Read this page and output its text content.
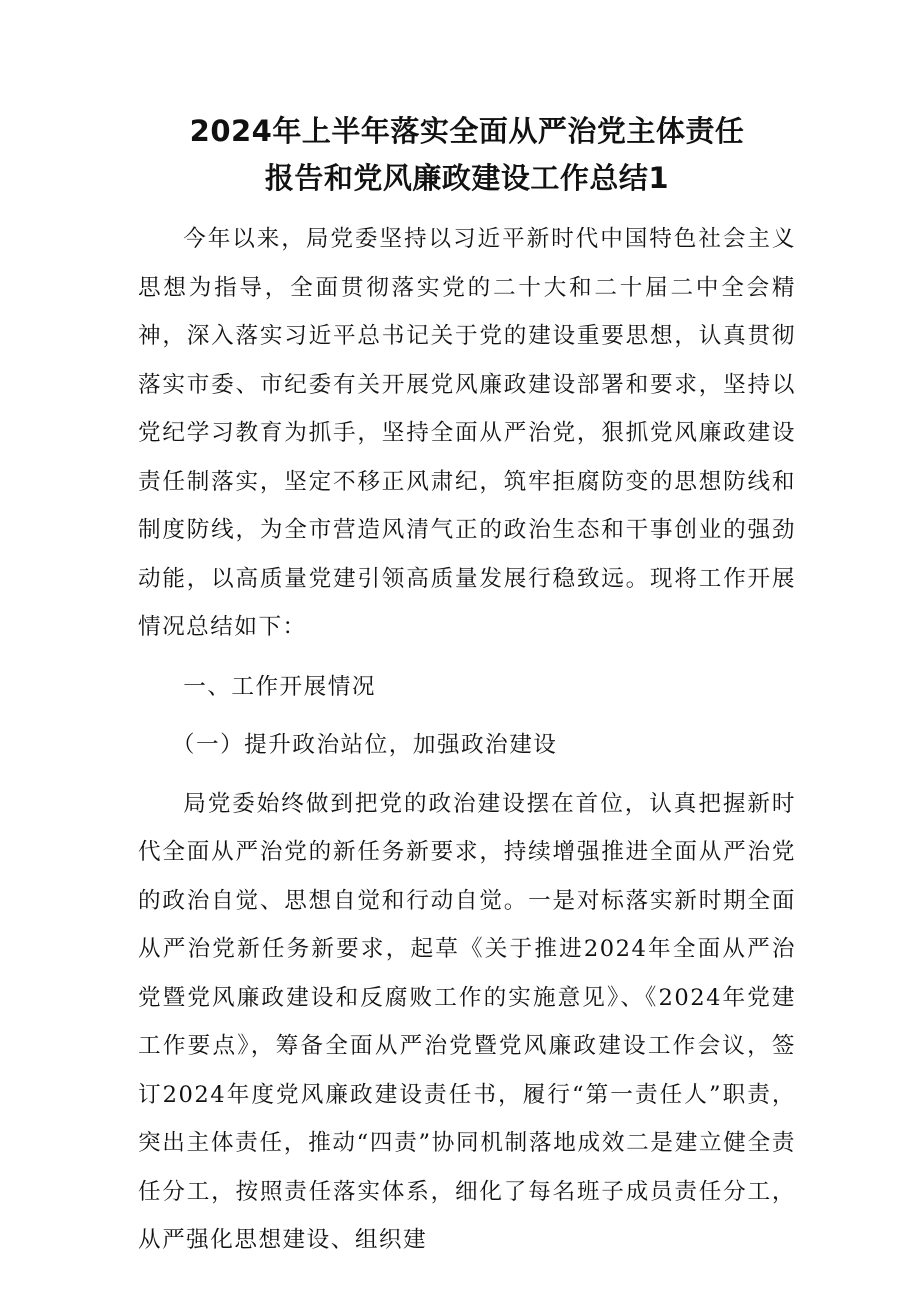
2024年上半年落实全面从严治党主体责任
报告和党风廉政建设工作总结1

今年以来，局党委坚持以习近平新时代中国特色社会主义思想为指导，全面贯彻落实党的二十大和二十届二中全会精神，深入落实习近平总书记关于党的建设重要思想，认真贯彻落实市委、市纪委有关开展党风廉政建设部署和要求，坚持以党纪学习教育为抓手，坚持全面从严治党，狠抓党风廉政建设责任制落实，坚定不移正风肃纪，筑牢拒腐防变的思想防线和制度防线，为全市营造风清气正的政治生态和干事创业的强劲动能，以高质量党建引领高质量发展行稳致远。现将工作开展情况总结如下：

一、工作开展情况

（一）提升政治站位，加强政治建设

局党委始终做到把党的政治建设摆在首位，认真把握新时代全面从严治党的新任务新要求，持续增强推进全面从严治党的政治自觉、思想自觉和行动自觉。一是对标落实新时期全面从严治党新任务新要求，起草《关于推进2024年全面从严治党暨党风廉政建设和反腐败工作的实施意见》、《2024年党建工作要点》，筹备全面从严治党暨党风廉政建设工作会议，签订2024年度党风廉政建设责任书，履行“第一责任人”职责，突出主体责任，推动“四责”协同机制落地成效二是建立健全责任分工，按照责任落实体系，细化了每名班子成员责任分工，从严强化思想建设、组织建
